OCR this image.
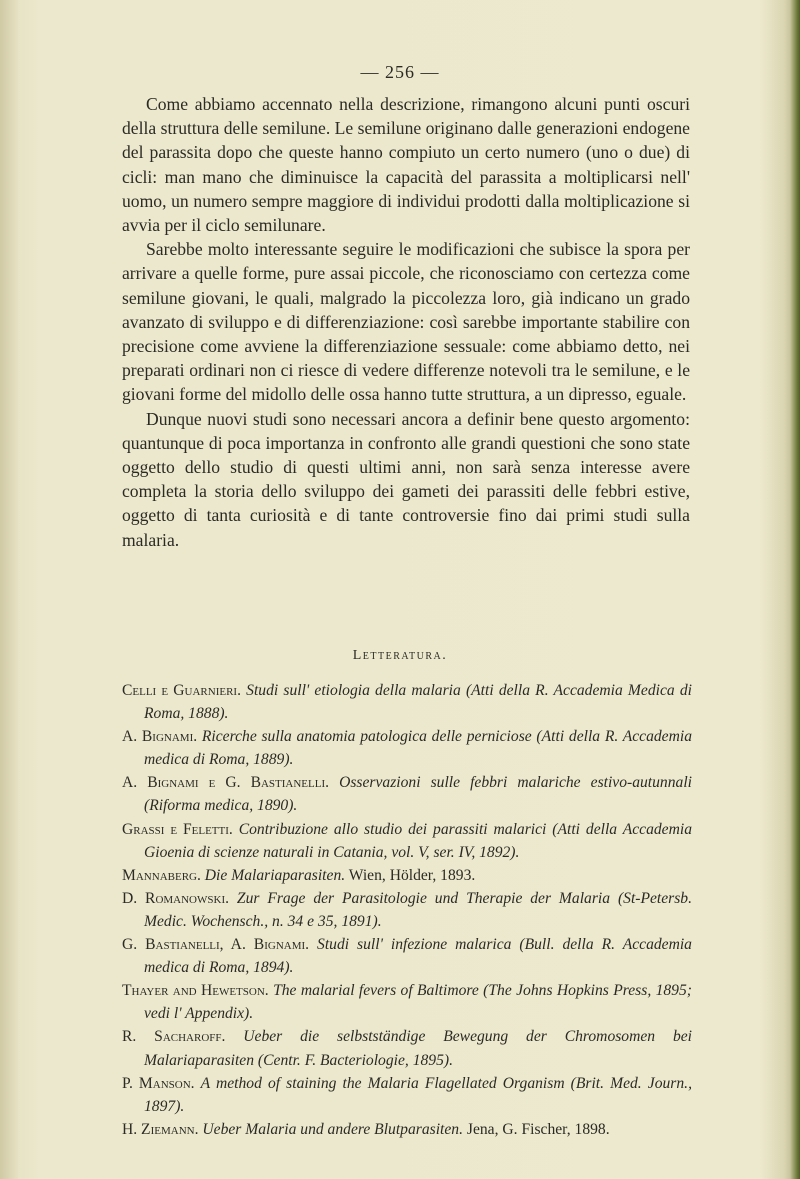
— 256 —

Come abbiamo accennato nella descrizione, rimangono alcuni punti oscuri della struttura delle semilune. Le semilune originano dalle generazioni endogene del parassita dopo che queste hanno compiuto un certo numero (uno o due) di cicli: man mano che diminuisce la capacità del parassita a moltiplicarsi nell' uomo, un numero sempre maggiore di individui prodotti dalla moltiplicazione si avvia per il ciclo semilunare.

Sarebbe molto interessante seguire le modificazioni che subisce la spora per arrivare a quelle forme, pure assai piccole, che riconosciamo con certezza come semilune giovani, le quali, malgrado la piccolezza loro, già indicano un grado avanzato di sviluppo e di differenziazione: così sarebbe importante stabilire con precisione come avviene la differenziazione sessuale: come abbiamo detto, nei preparati ordinari non ci riesce di vedere differenze notevoli tra le semilune, e le giovani forme del midollo delle ossa hanno tutte struttura, a un dipresso, eguale.

Dunque nuovi studi sono necessari ancora a definir bene questo argomento: quantunque di poca importanza in confronto alle grandi questioni che sono state oggetto dello studio di questi ultimi anni, non sarà senza interesse avere completa la storia dello sviluppo dei gameti dei parassiti delle febbri estive, oggetto di tanta curiosità e di tante controversie fino dai primi studi sulla malaria.

Letteratura.

Celli e Guarnieri. Studi sull' etiologia della malaria (Atti della R. Accademia Medica di Roma, 1888).

A. Bignami. Ricerche sulla anatomia patologica delle perniciose (Atti della R. Accademia medica di Roma, 1889).

A. Bignami e G. Bastianelli. Osservazioni sulle febbri malariche estivo-autunnali (Riforma medica, 1890).

Grassi e Feletti. Contribuzione allo studio dei parassiti malarici (Atti della Accademia Gioenia di scienze naturali in Catania, vol. V, ser. IV, 1892).

Mannaberg. Die Malariaparasiten. Wien, Hölder, 1893.

D. Romanowski. Zur Frage der Parasitologie und Therapie der Malaria (St-Petersb. Medic. Wochensch., n. 34 e 35, 1891).

G. Bastianelli, A. Bignami. Studi sull' infezione malarica (Bull. della R. Accademia medica di Roma, 1894).

Thayer and Hewetson. The malarial fevers of Baltimore (The Johns Hopkins Press, 1895; vedi l' Appendix).

R. Sacharoff. Ueber die selbstständige Bewegung der Chromosomen bei Malariaparasiten (Centr. F. Bacteriologie, 1895).

P. Manson. A method of staining the Malaria Flagellated Organism (Brit. Med. Journ., 1897).

H. Ziemann. Ueber Malaria und andere Blutparasiten. Jena, G. Fischer, 1898.
